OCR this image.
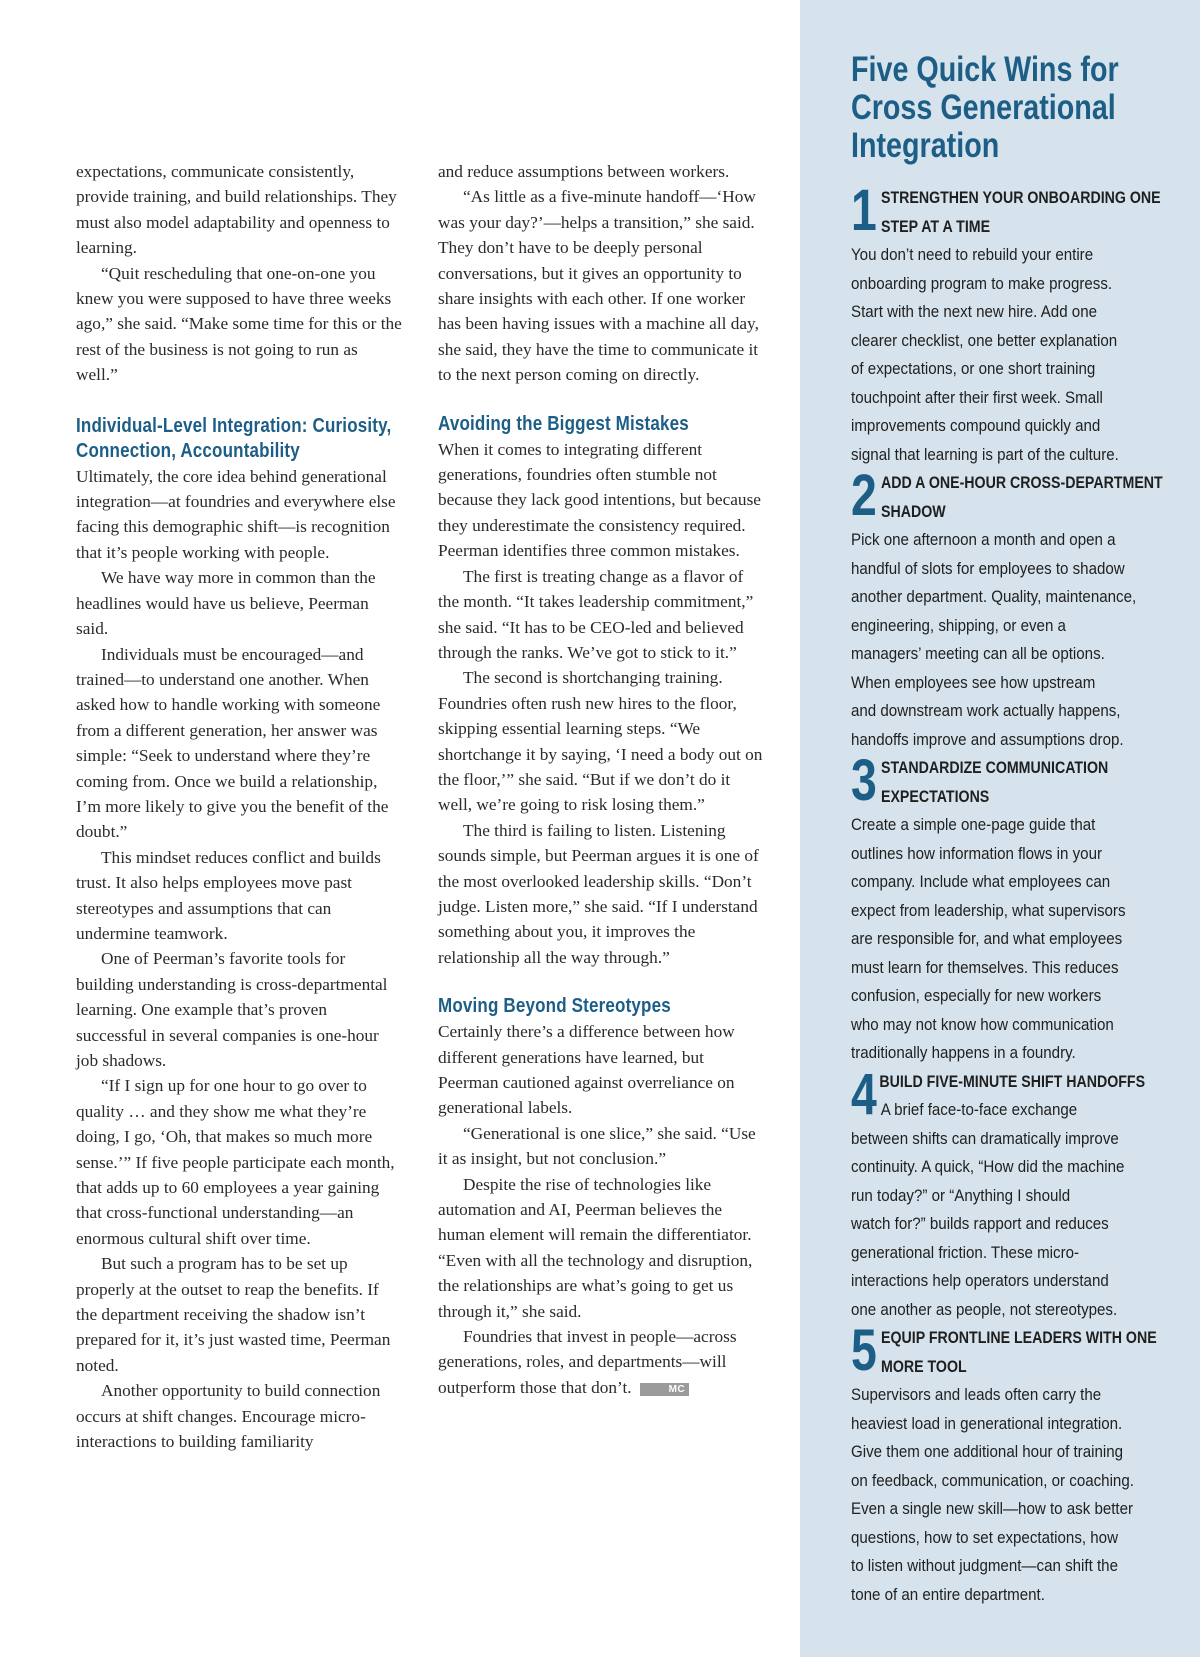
expectations, communicate consistently, provide training, and build relationships. They must also model adaptability and openness to learning.

“Quit rescheduling that one-on-one you knew you were supposed to have three weeks ago,” she said. “Make some time for this or the rest of the business is not going to run as well.”

Individual-Level Integration: Curiosity, Connection, Accountability

Ultimately, the core idea behind generational integration—at foundries and everywhere else facing this demographic shift—is recognition that it’s people working with people.

We have way more in common than the headlines would have us believe, Peerman said.

Individuals must be encouraged—and trained—to understand one another. When asked how to handle working with someone from a different generation, her answer was simple: “Seek to understand where they’re coming from. Once we build a relationship, I’m more likely to give you the benefit of the doubt.”

This mindset reduces conflict and builds trust. It also helps employees move past stereotypes and assumptions that can undermine teamwork.

One of Peerman’s favorite tools for building understanding is cross-departmental learning. One example that’s proven successful in several companies is one-hour job shadows.

“If I sign up for one hour to go over to quality … and they show me what they’re doing, I go, ‘Oh, that makes so much more sense.’” If five people participate each month, that adds up to 60 employees a year gaining that cross-functional understanding—an enormous cultural shift over time.

But such a program has to be set up properly at the outset to reap the benefits. If the department receiving the shadow isn’t prepared for it, it’s just wasted time, Peerman noted.

Another opportunity to build connection occurs at shift changes. Encourage micro-interactions to building familiarity

and reduce assumptions between workers.

“As little as a five-minute handoff—‘How was your day?’—helps a transition,” she said. They don’t have to be deeply personal conversations, but it gives an opportunity to share insights with each other. If one worker has been having issues with a machine all day, she said, they have the time to communicate it to the next person coming on directly.

Avoiding the Biggest Mistakes

When it comes to integrating different generations, foundries often stumble not because they lack good intentions, but because they underestimate the consistency required. Peerman identifies three common mistakes.

The first is treating change as a flavor of the month. “It takes leadership commitment,” she said. “It has to be CEO-led and believed through the ranks. We’ve got to stick to it.”

The second is shortchanging training. Foundries often rush new hires to the floor, skipping essential learning steps. “We shortchange it by saying, ‘I need a body out on the floor,’” she said. “But if we don’t do it well, we’re going to risk losing them.”

The third is failing to listen. Listening sounds simple, but Peerman argues it is one of the most overlooked leadership skills. “Don’t judge. Listen more,” she said. “If I understand something about you, it improves the relationship all the way through.”

Moving Beyond Stereotypes

Certainly there’s a difference between how different generations have learned, but Peerman cautioned against overreliance on generational labels.

“Generational is one slice,” she said. “Use it as insight, but not conclusion.”

Despite the rise of technologies like automation and AI, Peerman believes the human element will remain the differentiator. “Even with all the technology and disruption, the relationships are what’s going to get us through it,” she said.

Foundries that invest in people—across generations, roles, and departments—will outperform those that don’t.	MC

Five Quick Wins for Cross Generational Integration
1 STRENGTHEN YOUR ONBOARDING ONE
STEP AT A TIME
You don’t need to rebuild your entire
onboarding program to make progress.
Start with the next new hire. Add one
clearer checklist, one better explanation
of expectations, or one short training
touchpoint after their first week. Small
improvements compound quickly and
signal that learning is part of the culture.
2 ADD A ONE-HOUR CROSS-DEPARTMENT
SHADOW
Pick one afternoon a month and open a
handful of slots for employees to shadow
another department. Quality, maintenance,
engineering, shipping, or even a
managers’ meeting can all be options.
When employees see how upstream
and downstream work actually happens,
handoffs improve and assumptions drop.
3 STANDARDIZE COMMUNICATION
EXPECTATIONS
Create a simple one-page guide that
outlines how information flows in your
company. Include what employees can
expect from leadership, what supervisors
are responsible for, and what employees
must learn for themselves. This reduces
confusion, especially for new workers
who may not know how communication
traditionally happens in a foundry.
4 BUILD FIVE-MINUTE SHIFT HANDOFFS
A brief face-to-face exchange
between shifts can dramatically improve
continuity. A quick, “How did the machine
run today?” or “Anything I should
watch for?” builds rapport and reduces
generational friction. These micro-
interactions help operators understand
one another as people, not stereotypes.
5 EQUIP FRONTLINE LEADERS WITH ONE
MORE TOOL
Supervisors and leads often carry the
heaviest load in generational integration.
Give them one additional hour of training
on feedback, communication, or coaching.
Even a single new skill—how to ask better
questions, how to set expectations, how
to listen without judgment—can shift the
tone of an entire department.
